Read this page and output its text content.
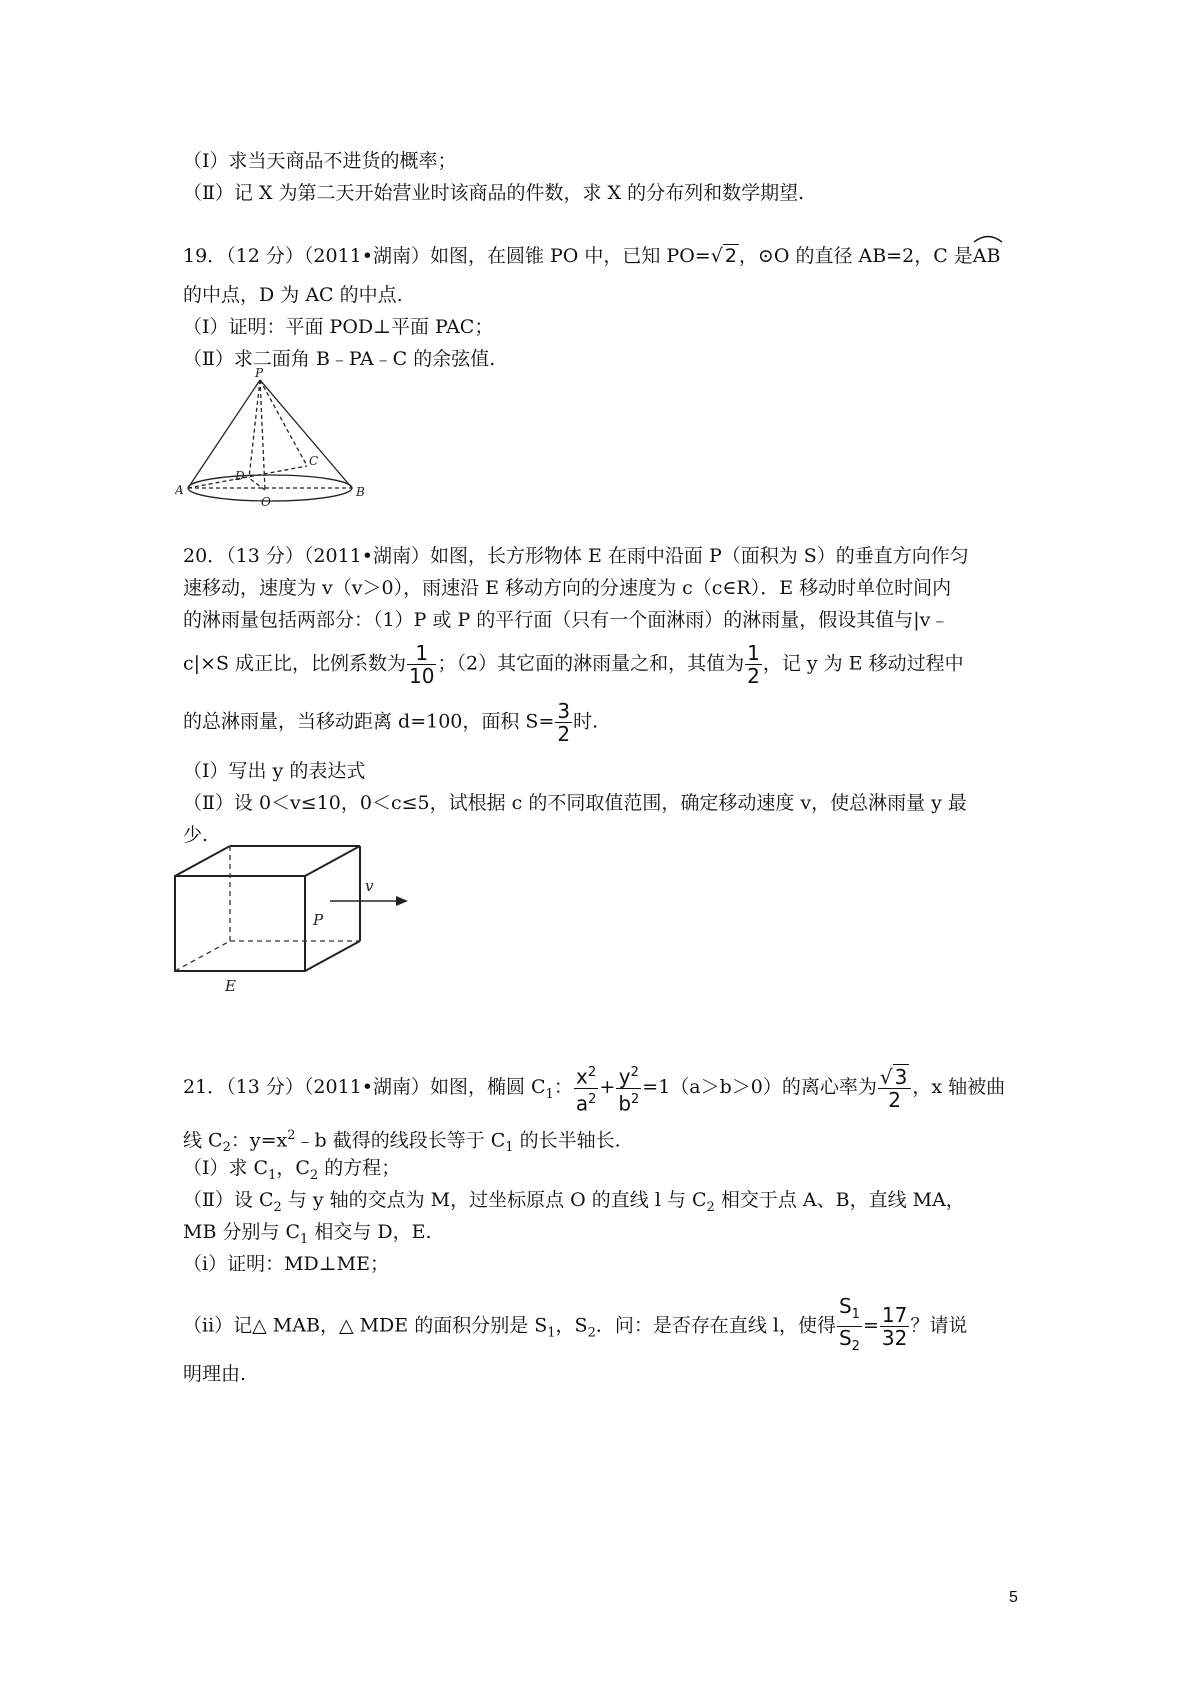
（Ⅰ）求当天商品不进货的概率；
（Ⅱ）记 X 为第二天开始营业时该商品的件数，求 X 的分布列和数学期望.
19．（12 分）（2011•湖南）如图，在圆锥 PO 中，已知 PO=√ 2 ，⊙O 的直径 AB=2，C 是
AB
的中点，D 为 AC 的中点.
（Ⅰ）证明：平面 POD⊥平面 PAC；
（Ⅱ）求二面角 B﹣PA﹣C 的余弦值.
P
A	B
C
D
O
20．（13 分）（2011•湖南）如图，长方形物体 E 在雨中沿面 P（面积为 S）的垂直方向作匀
速移动，速度为 v（v＞0），雨速沿 E 移动方向的分速度为 c（c∈R）．E 移动时单位时间内
的淋雨量包括两部分：（1）P 或 P 的平行面（只有一个面淋雨）的淋雨量，假设其值与|v﹣
c|×S 成正比，比例系数为 $\frac{1}{10}$ ；（2）其它面的淋雨量之和，其值为 $\frac{1}{2}$ ，记 y 为 E 移动过程中
的总淋雨量，当移动距离 d=100，面积 $S= \frac{3}{2}$ 时.
（Ⅰ）写出 y 的表达式
（Ⅱ）设 0＜v≤10，0＜c≤5，试根据 c 的不同取值范围，确定移动速度 v，使总淋雨量 y 最
少.
v
P
E
21．（13 分）（2011•湖南）如图，椭圆 $C_1$： $\frac{x^2}{a^2} + \frac{y^2}{b^2} =1(a>b>0)$的离心率为 $\frac{√ 3}{2}$ ，x 轴被曲
线 $C_2$：$y=x^2﹣b$ 截得的线段长等于 $C_1$ 的长半轴长.
（Ⅰ）求 $C_1$，$C_2$ 的方程；
（Ⅱ）设 $C_2$ 与 y 轴的交点为 M，过坐标原点 O 的直线 l 与 $C_2$ 相交于点 A、B，直线 MA，
MB 分别与 $C_1$ 相交与 D，E.
（i）证明：MD⊥ME；
（ii）记△ MAB，△ MDE 的面积分别是 $S_1$，$S_2$．问：是否存在直线 l，使得 $\frac{S_1}{S_2} = \frac{17}{32}$ ？请说
明理由.
5
